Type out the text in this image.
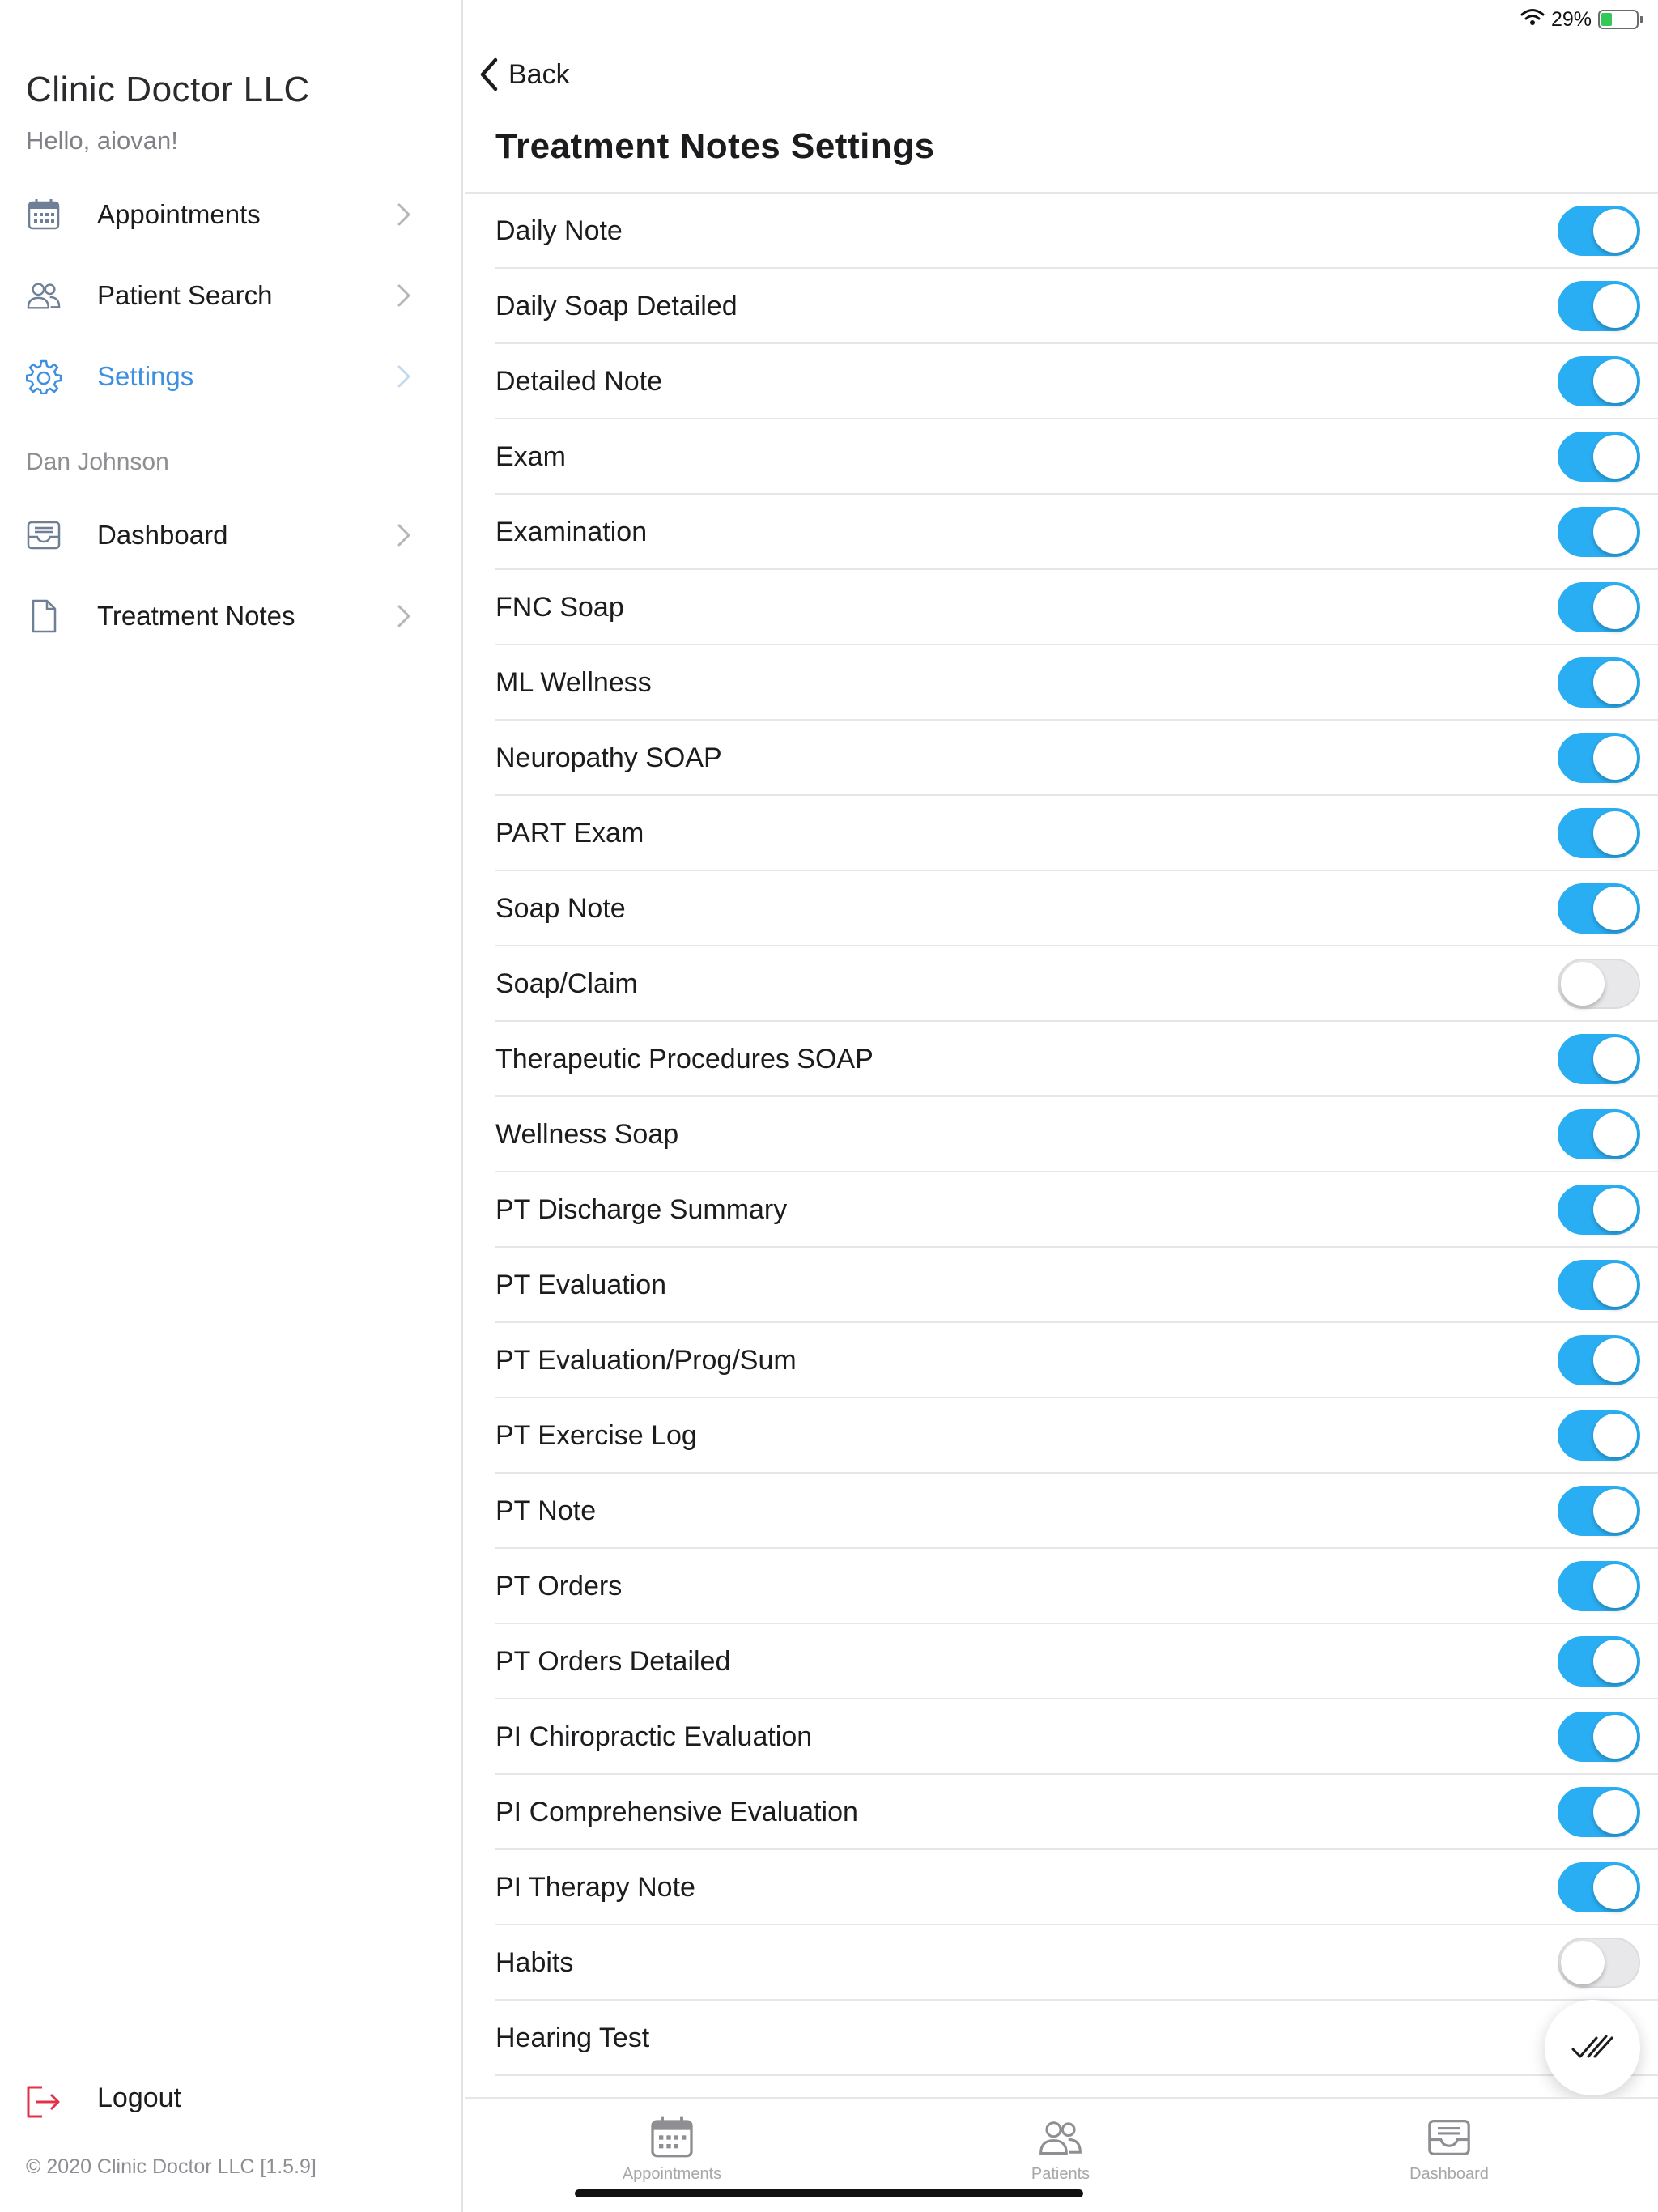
29%
Clinic Doctor LLC
Hello, aiovan!
Appointments
Patient Search
Settings
Dan Johnson
Dashboard
Treatment Notes
Logout
© 2020 Clinic Doctor LLC [1.5.9]
Back
Treatment Notes Settings
Daily Note
Daily Soap Detailed
Detailed Note
Exam
Examination
FNC Soap
ML Wellness
Neuropathy SOAP
PART Exam
Soap Note
Soap/Claim
Therapeutic Procedures SOAP
Wellness Soap
PT Discharge Summary
PT Evaluation
PT Evaluation/Prog/Sum
PT Exercise Log
PT Note
PT Orders
PT Orders Detailed
PI Chiropractic Evaluation
PI Comprehensive Evaluation
PI Therapy Note
Habits
Hearing Test
Appointments	Patients	Dashboard
